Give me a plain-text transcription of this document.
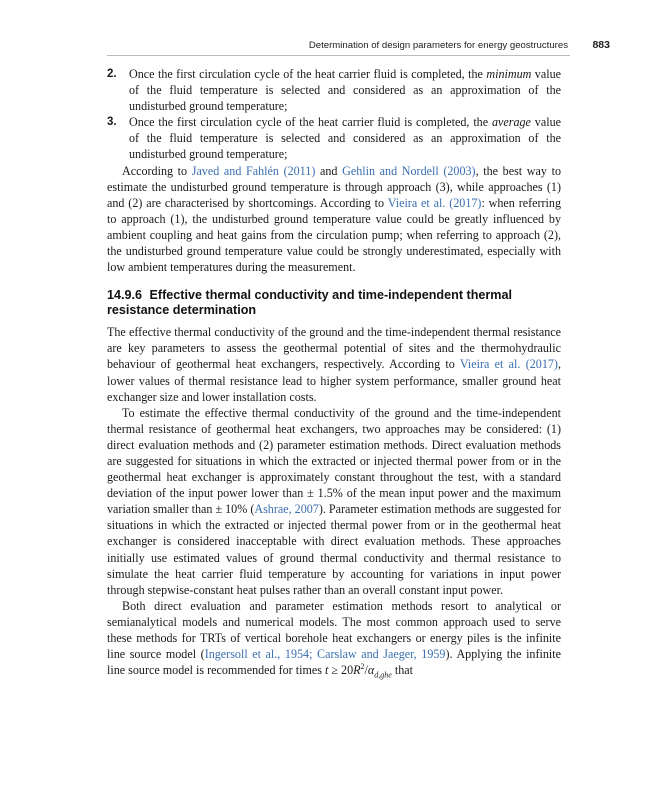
Determination of design parameters for energy geostructures 883

2. Once the first circulation cycle of the heat carrier fluid is completed, the minimum value of the fluid temperature is selected and considered as an approximation of the undisturbed ground temperature;

3. Once the first circulation cycle of the heat carrier fluid is completed, the average value of the fluid temperature is selected and considered as an approximation of the undisturbed ground temperature;

According to Javed and Fahlén (2011) and Gehlin and Nordell (2003), the best way to estimate the undisturbed ground temperature is through approach (3), while approaches (1) and (2) are characterised by shortcomings. According to Vieira et al. (2017): when referring to approach (1), the undisturbed ground temperature value could be greatly influenced by ambient coupling and heat gains from the circulation pump; when referring to approach (2), the undisturbed ground temperature value could be strongly underestimated, especially with low ambient temperatures during the measurement.

14.9.6 Effective thermal conductivity and time-independent thermal resistance determination

The effective thermal conductivity of the ground and the time-independent thermal resistance are key parameters to assess the geothermal potential of sites and the thermohydraulic behaviour of geothermal heat exchangers, respectively. According to Vieira et al. (2017), lower values of thermal resistance lead to higher system performance, smaller ground heat exchanger size and lower installation costs.

To estimate the effective thermal conductivity of the ground and the time-independent thermal resistance of geothermal heat exchangers, two approaches may be considered: (1) direct evaluation methods and (2) parameter estimation methods. Direct evaluation methods are suggested for situations in which the extracted or injected thermal power from or in the geothermal heat exchanger is approximately constant throughout the test, with a standard deviation of the input power lower than ± 1.5% of the mean input power and the maximum variation smaller than ± 10% (Ashrae, 2007). Parameter estimation methods are suggested for situations in which the extracted or injected thermal power from or in the geothermal heat exchanger is considered inacceptable with direct evaluation methods. These approaches initially use estimated values of ground thermal conductivity and thermal resistance to simulate the heat carrier fluid temperature by accounting for variations in input power through stepwise-constant heat pulses rather than an overall constant input power.

Both direct evaluation and parameter estimation methods resort to analytical or semianalytical models and numerical models. The most common approach used to serve these methods for TRTs of vertical borehole heat exchangers or energy piles is the infinite line source model (Ingersoll et al., 1954; Carslaw and Jaeger, 1959). Applying the infinite line source model is recommended for times $t \ge 20R^2/\alpha_{d,ghe}$ that
